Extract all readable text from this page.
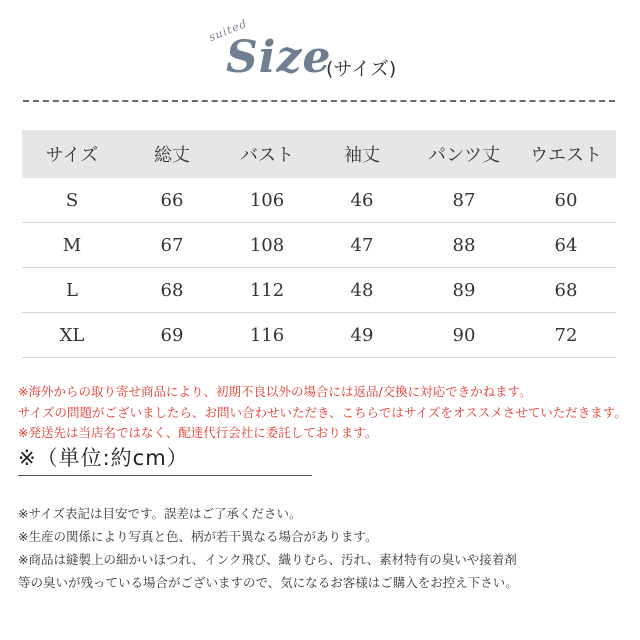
suited
Size
(サイズ)
サイズ	総丈	バスト	袖丈	パンツ丈	ウエスト
S	66	106	46	87	60
M	67	108	47	88	64
L	68	112	48	89	68
XL	69	116	49	90	72
※海外からの取り寄せ商品により、初期不良以外の場合には返品/交換に対応できかねます。
サイズの問題がございましたら、お問い合わせいただき、こちらではサイズをオススメさせていただきます。
※発送先は当店名ではなく、配達代行会社に委託しております。
※（単位:約cm）
※サイズ表記は目安です。誤差はご了承ください。
※生産の関係により写真と色、柄が若干異なる場合があります。
※商品は縫製上の細かいほつれ、インク飛び、織りむら、汚れ、素材特有の臭いや接着剤
等の臭いが残っている場合がございますので、気になるお客様はご購入をお控え下さい。
